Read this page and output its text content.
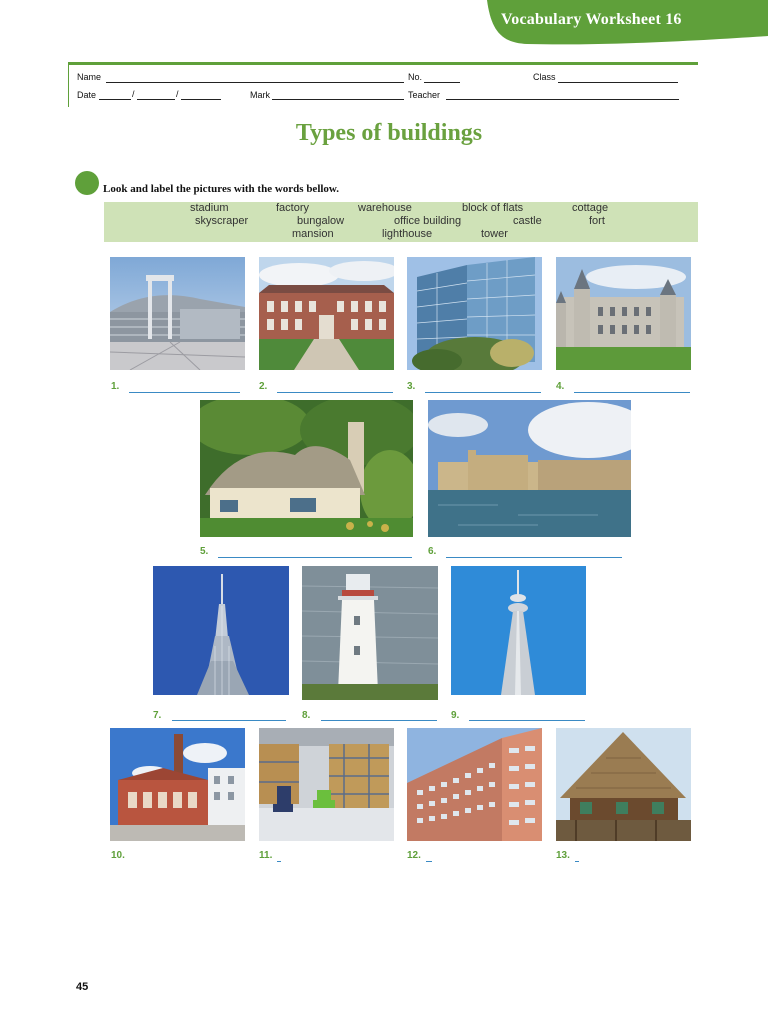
Vocabulary Worksheet 16
Name	No.	Class
Date	/	/	Mark	Teacher
Types of buildings
Look and label the pictures with the words bellow.
stadium	factory	warehouse	block of flats	cottage
skyscraper	bungalow	office building	castle	fort
mansion	lighthouse	tower
1.	2.	3.	4.
5.	6.
7.	8.	9.
10.	11.	12.	13.
45
